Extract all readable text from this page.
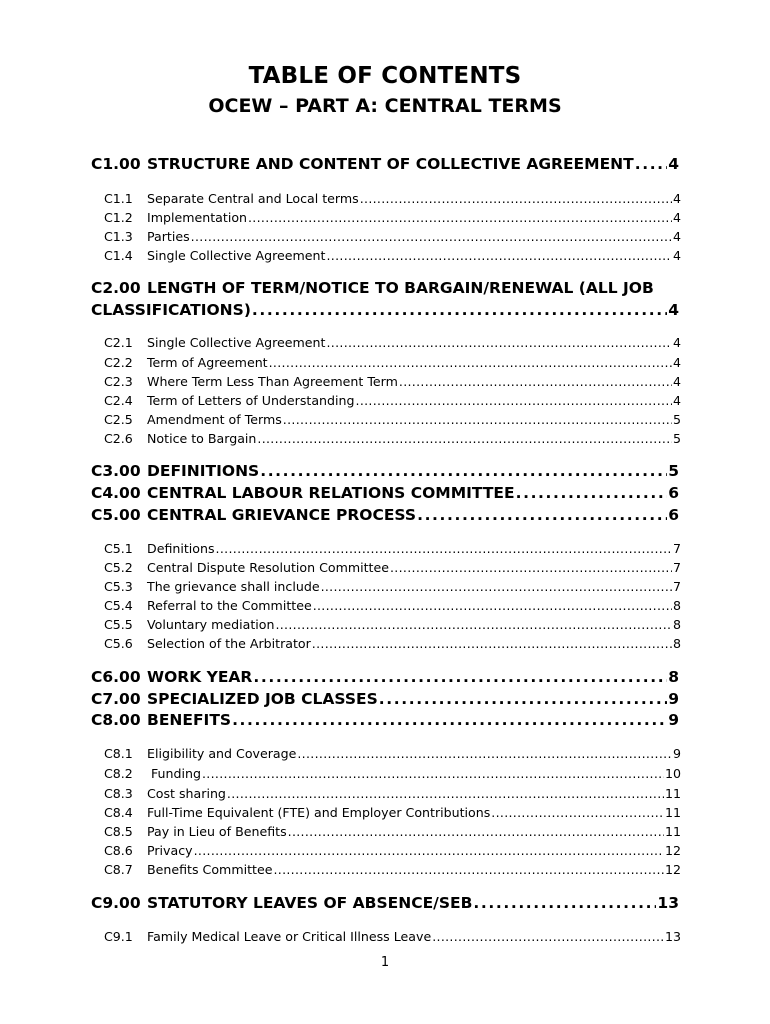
TABLE OF CONTENTS
OCEW – PART A: CENTRAL TERMS
C1.00 STRUCTURE AND CONTENT OF COLLECTIVE AGREEMENT ..... 4
C1.1	Separate Central and Local terms .....	4
C1.2	Implementation .....	4
C1.3	Parties .....	4
C1.4	Single Collective Agreement .....	4
C2.00 LENGTH OF TERM/NOTICE TO BARGAIN/RENEWAL (ALL JOB
CLASSIFICATIONS) .....	4
C2.1	Single Collective Agreement .....	4
C2.2	Term of Agreement .....	4
C2.3	Where Term Less Than Agreement Term .....	4
C2.4	Term of Letters of Understanding .....	4
C2.5	Amendment of Terms .....	5
C2.6	Notice to Bargain .....	5
C3.00 DEFINITIONS .....	5
C4.00 CENTRAL LABOUR RELATIONS COMMITTEE .....	6
C5.00 CENTRAL GRIEVANCE PROCESS .....	6
C5.1	Definitions .....	7
C5.2	Central Dispute Resolution Committee .....	7
C5.3	The grievance shall include .....	7
C5.4	Referral to the Committee .....	8
C5.5	Voluntary mediation .....	8
C5.6	Selection of the Arbitrator .....	8
C6.00 WORK YEAR .....	8
C7.00 SPECIALIZED JOB CLASSES .....	9
C8.00 BENEFITS .....	9
C8.1	Eligibility and Coverage .....	9
C8.2	Funding .....	10
C8.3	Cost sharing .....	11
C8.4	Full-Time Equivalent (FTE) and Employer Contributions .....	11
C8.5	Pay in Lieu of Benefits .....	11
C8.6	Privacy .....	12
C8.7	Benefits Committee .....	12
C9.00 STATUTORY LEAVES OF ABSENCE/SEB .....	13
C9.1	Family Medical Leave or Critical Illness Leave .....	13
1
